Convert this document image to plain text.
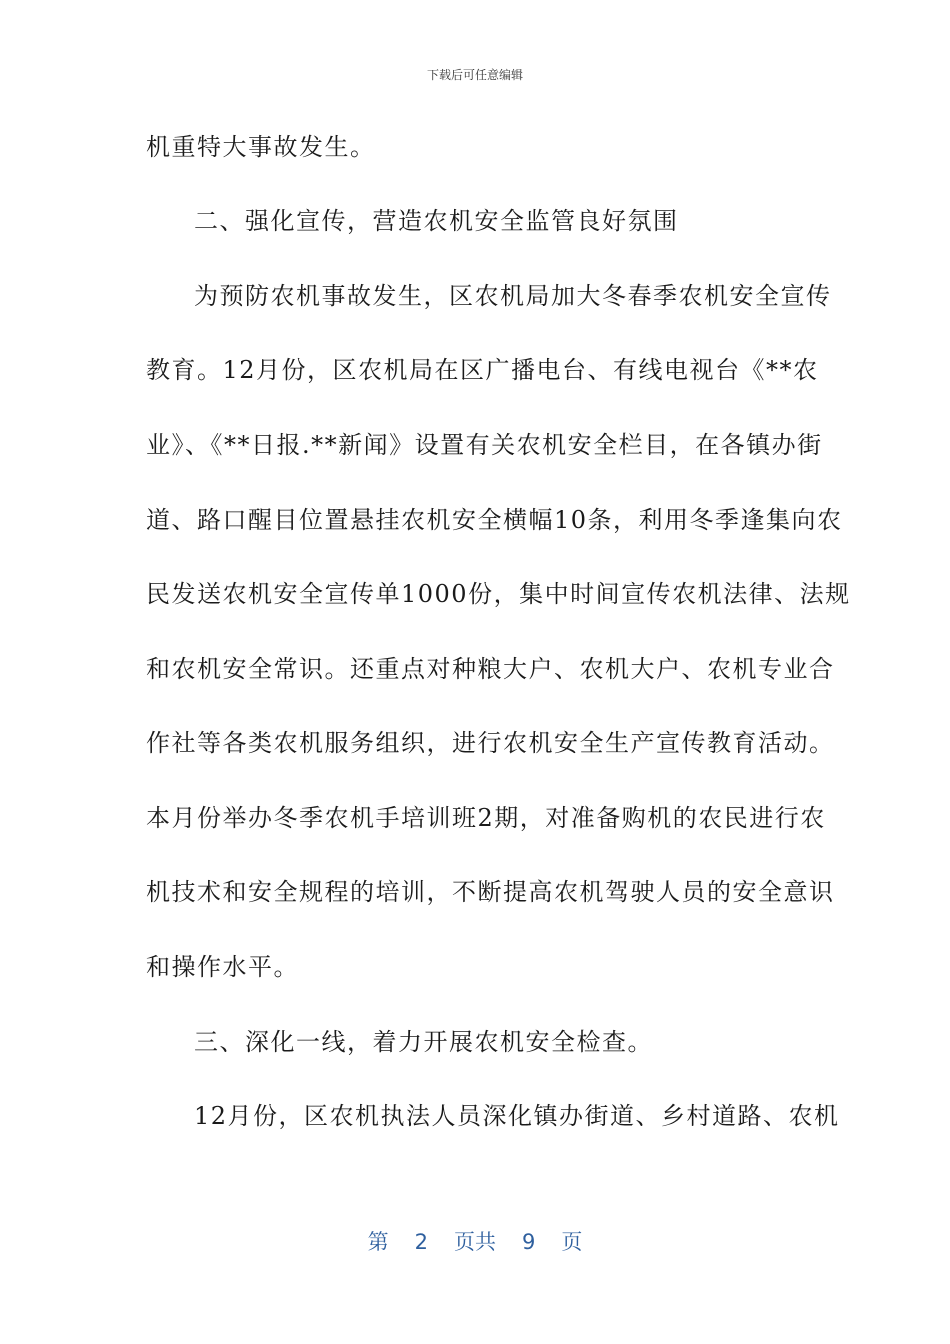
下载后可任意编辑
机重特大事故发生。
二、强化宣传，营造农机安全监管良好氛围
为预防农机事故发生，区农机局加大冬春季农机安全宣传
教育。12月份，区农机局在区广播电台、有线电视台《**农
业》、《**日报.**新闻》设置有关农机安全栏目，在各镇办街
道、路口醒目位置悬挂农机安全横幅10条，利用冬季逢集向农
民发送农机安全宣传单1000份，集中时间宣传农机法律、法规
和农机安全常识。还重点对种粮大户、农机大户、农机专业合
作社等各类农机服务组织，进行农机安全生产宣传教育活动。
本月份举办冬季农机手培训班2期，对准备购机的农民进行农
机技术和安全规程的培训，不断提高农机驾驶人员的安全意识
和操作水平。
三、深化一线，着力开展农机安全检查。
12月份，区农机执法人员深化镇办街道、乡村道路、农机
第 2 页共 9 页
